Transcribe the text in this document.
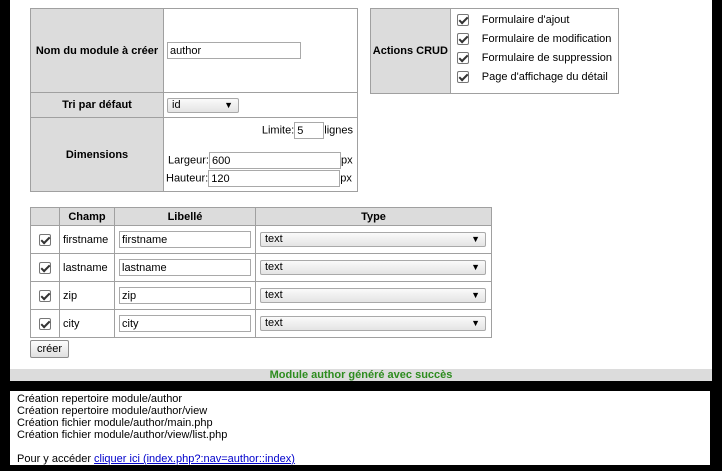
Nom du module à créer	author
Tri par défaut	id ▼

Dimensions	Limite:5 lignes
Largeur:600 px
Hauteur:120 px
Actions CRUD	
Formulaire d'ajout
Formulaire de modification
Formulaire de suppression
Page d'affichage du détail
	Champ	Libellé	Type
	firstname	firstname	text ▼

	lastname	lastname	text ▼

	zip	zip	text ▼

	city	city	text ▼
créer
Module author généré avec succès
Création repertoire module/author
Création repertoire module/author/view
Création fichier module/author/main.php
Création fichier module/author/view/list.php
Pour y accéder cliquer ici (index.php?:nav=author::index)
